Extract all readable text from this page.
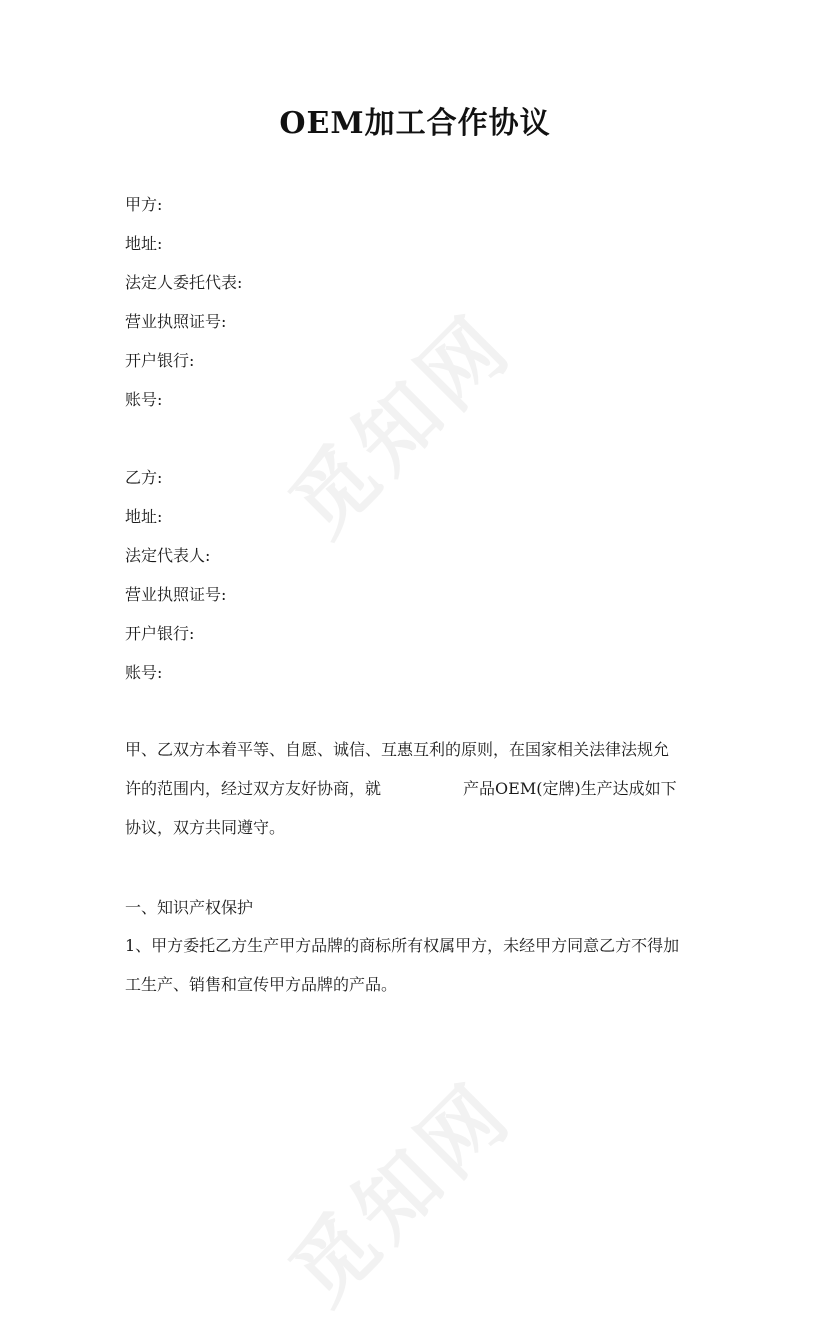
觅知网
觅知网
OEM加工合作协议
甲方:
地址:
法定人委托代表:
营业执照证号:
开户银行:
账号:
乙方:
地址:
法定代表人:
营业执照证号:
开户银行:
账号:
甲、乙双方本着平等、自愿、诚信、互惠互利的原则，在国家相关法律法规允
许的范围内，经过双方友好协商，就	产品OEM(定牌)生产达成如下
协议，双方共同遵守。
一、知识产权保护
1、甲方委托乙方生产甲方品牌的商标所有权属甲方，未经甲方同意乙方不得加
工生产、销售和宣传甲方品牌的产品。
